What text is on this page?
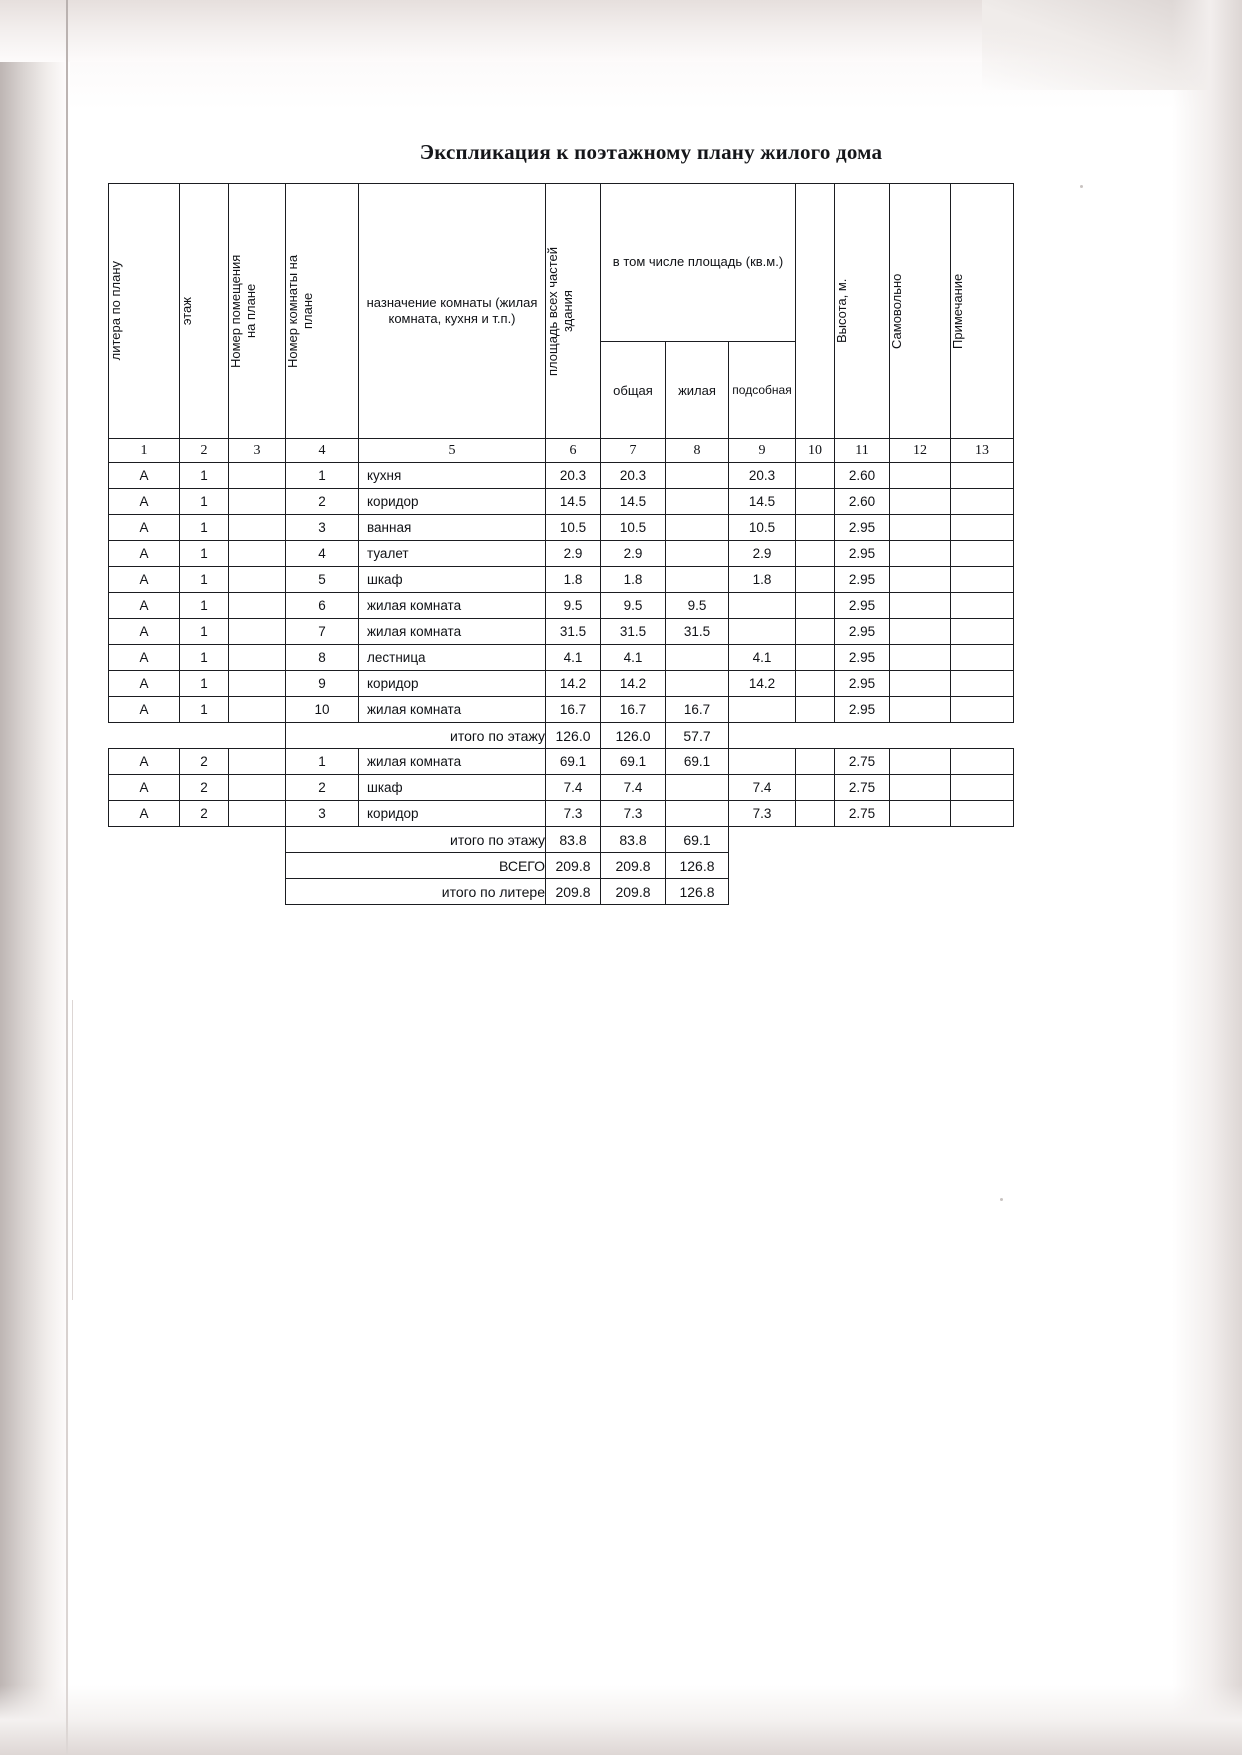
Экспликация к поэтажному плану жилого дома
литера по плану	этаж	Номер помещения на плане	Номер комнаты на плане	назначение комнаты (жилая комната, кухня и т.п.)	площадь всех частей здания	в том числе площадь (кв.м.)				Высота, м.	Самовольно	Примечание

						общая	жилая	подсобная				
1	2	3	4	5	6	7	8	9	10	11	12	13
А	1		1	кухня	20.3	20.3		20.3		2.60		
А	1		2	коридор	14.5	14.5		14.5		2.60		
А	1		3	ванная	10.5	10.5		10.5		2.95		
А	1		4	туалет	2.9	2.9		2.9		2.95		
А	1		5	шкаф	1.8	1.8		1.8		2.95		
А	1		6	жилая комната	9.5	9.5	9.5			2.95		
А	1		7	жилая комната	31.5	31.5	31.5			2.95		
А	1		8	лестница	4.1	4.1		4.1		2.95		
А	1		9	коридор	14.2	14.2		14.2		2.95		
А	1		10	жилая комната	16.7	16.7	16.7			2.95		
			итого по этажу		126.0	126.0	57.7					
А	2		1	жилая комната	69.1	69.1	69.1			2.75		
А	2		2	шкаф	7.4	7.4		7.4		2.75		
А	2		3	коридор	7.3	7.3		7.3		2.75		
			итого по этажу		83.8	83.8	69.1					
			ВСЕГО		209.8	209.8	126.8					
			итого по литере		209.8	209.8	126.8					
